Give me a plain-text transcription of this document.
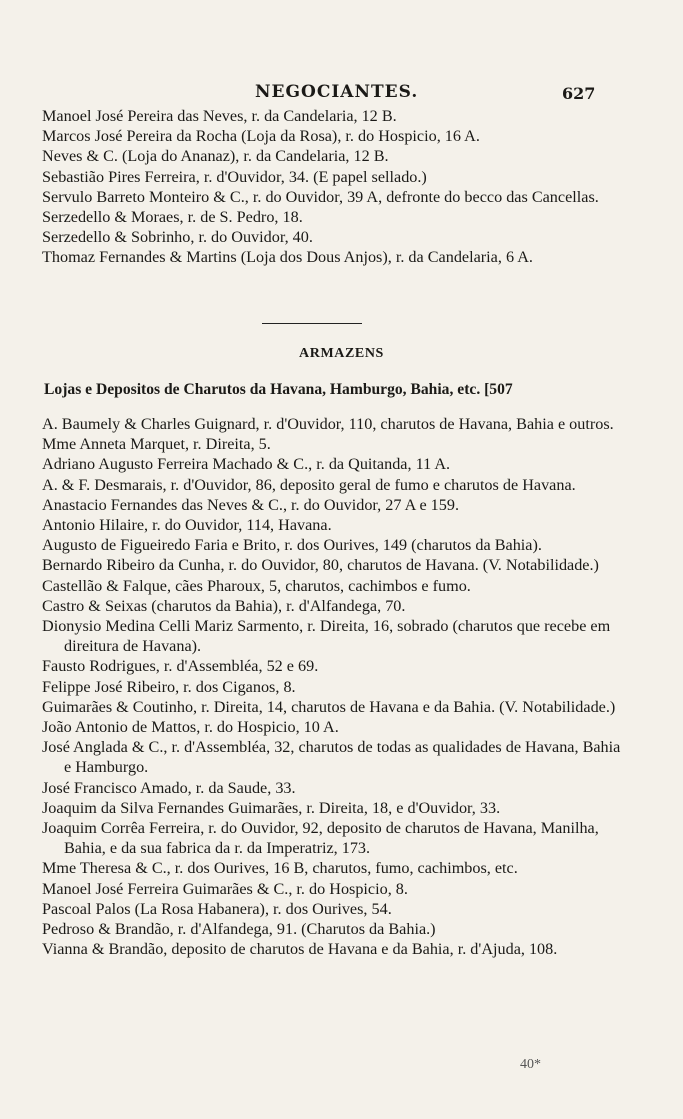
NEGOCIANTES.	627
Manoel José Pereira das Neves, r. da Candelaria, 12 B.
Marcos José Pereira da Rocha (Loja da Rosa), r. do Hospicio, 16 A.
Neves & C. (Loja do Ananaz), r. da Candelaria, 12 B.
Sebastião Pires Ferreira, r. d'Ouvidor, 34. (E papel sellado.)
Servulo Barreto Monteiro & C., r. do Ouvidor, 39 A, defronte do becco das Cancellas.
Serzedello & Moraes, r. de S. Pedro, 18.
Serzedello & Sobrinho, r. do Ouvidor, 40.
Thomaz Fernandes & Martins (Loja dos Dous Anjos), r. da Candelaria, 6 A.
ARMAZENS
Lojas e Depositos de Charutos da Havana, Hamburgo, Bahia, etc. [507
A. Baumely & Charles Guignard, r. d'Ouvidor, 110, charutos de Havana, Bahia e outros.
Mme Anneta Marquet, r. Direita, 5.
Adriano Augusto Ferreira Machado & C., r. da Quitanda, 11 A.
A. & F. Desmarais, r. d'Ouvidor, 86, deposito geral de fumo e charutos de Havana.
Anastacio Fernandes das Neves & C., r. do Ouvidor, 27 A e 159.
Antonio Hilaire, r. do Ouvidor, 114, Havana.
Augusto de Figueiredo Faria e Brito, r. dos Ourives, 149 (charutos da Bahia).
Bernardo Ribeiro da Cunha, r. do Ouvidor, 80, charutos de Havana. (V. Notabilidade.)
Castellão & Falque, cães Pharoux, 5, charutos, cachimbos e fumo.
Castro & Seixas (charutos da Bahia), r. d'Alfandega, 70.
Dionysio Medina Celli Mariz Sarmento, r. Direita, 16, sobrado (charutos que recebe em direitura de Havana).
Fausto Rodrigues, r. d'Assembléa, 52 e 69.
Felippe José Ribeiro, r. dos Ciganos, 8.
Guimarães & Coutinho, r. Direita, 14, charutos de Havana e da Bahia. (V. Notabilidade.)
João Antonio de Mattos, r. do Hospicio, 10 A.
José Anglada & C., r. d'Assembléa, 32, charutos de todas as qualidades de Havana, Bahia e Hamburgo.
José Francisco Amado, r. da Saude, 33.
Joaquim da Silva Fernandes Guimarães, r. Direita, 18, e d'Ouvidor, 33.
Joaquim Corrêa Ferreira, r. do Ouvidor, 92, deposito de charutos de Havana, Manilha, Bahia, e da sua fabrica da r. da Imperatriz, 173.
Mme Theresa & C., r. dos Ourives, 16 B, charutos, fumo, cachimbos, etc.
Manoel José Ferreira Guimarães & C., r. do Hospicio, 8.
Pascoal Palos (La Rosa Habanera), r. dos Ourives, 54.
Pedroso & Brandão, r. d'Alfandega, 91. (Charutos da Bahia.)
Vianna & Brandão, deposito de charutos de Havana e da Bahia, r. d'Ajuda, 108.
40*
